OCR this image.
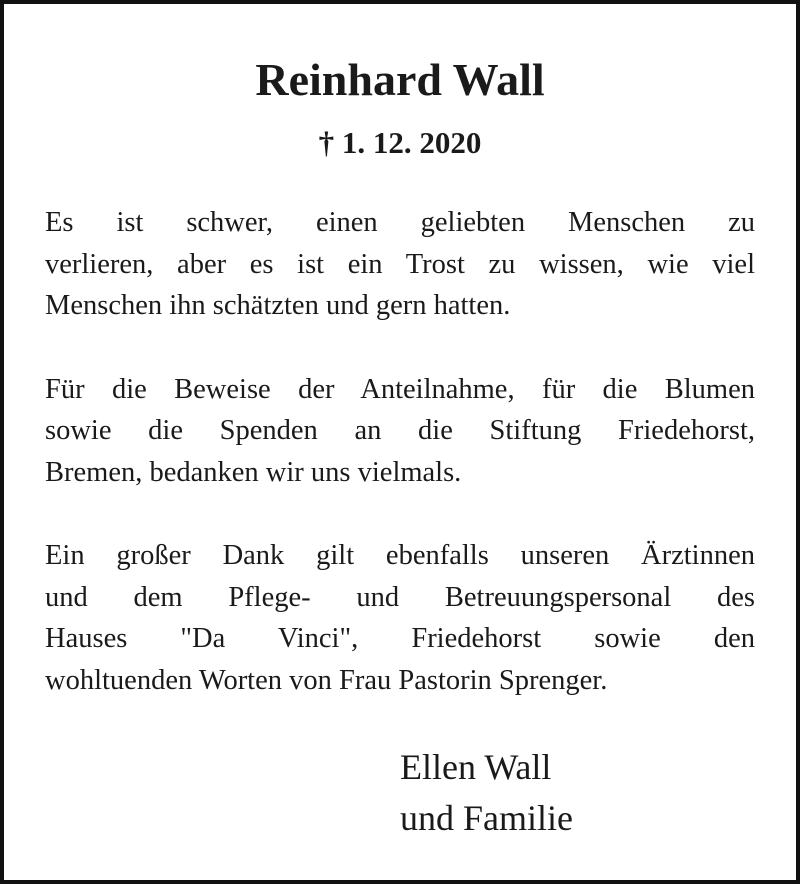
Reinhard Wall
† 1. 12. 2020
Es ist schwer, einen geliebten Menschen zu
verlieren, aber es ist ein Trost zu wissen, wie viel
Menschen ihn schätzten und gern hatten.
Für die Beweise der Anteilnahme, für die Blumen
sowie die Spenden an die Stiftung Friedehorst,
Bremen, bedanken wir uns vielmals.
Ein großer Dank gilt ebenfalls unseren Ärztinnen
und dem Pflege- und Betreuungspersonal des
Hauses "Da Vinci", Friedehorst sowie den
wohltuenden Worten von Frau Pastorin Sprenger.
Ellen Wall
und Familie
